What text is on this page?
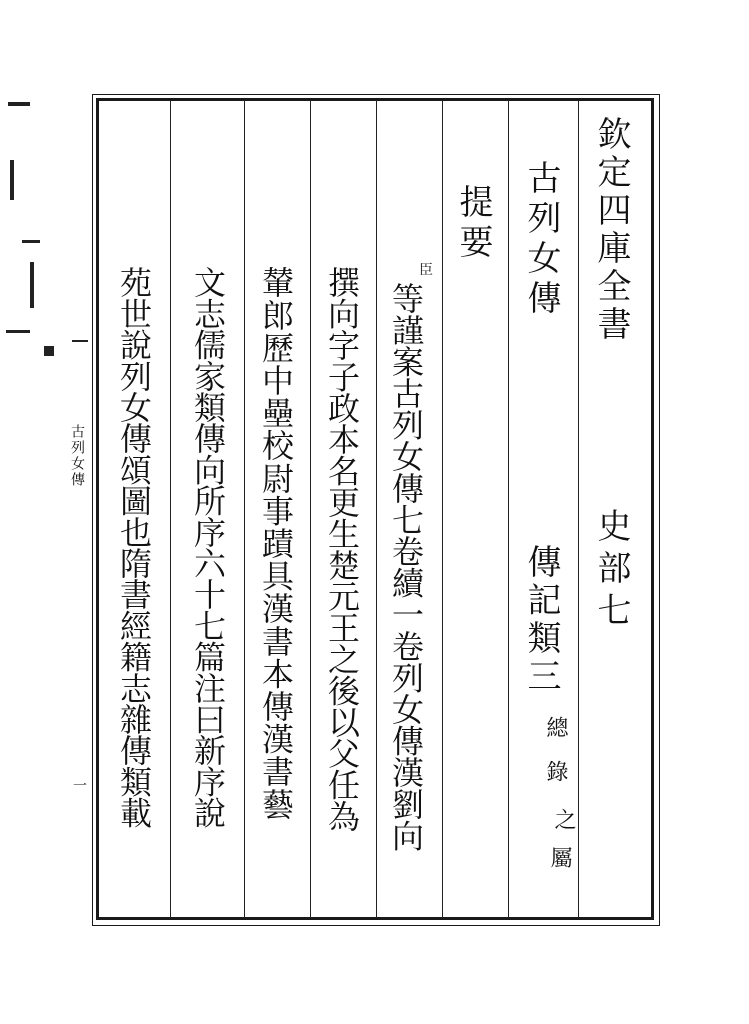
古列女傳
一
欽定四庫全書
史部七
古列女傳
傳記類三
總
錄
之
屬
提要
臣
等謹案古列女傳七卷續一卷列女傳漢劉向
撰向字子政本名更生楚元王之後以父任為
輦郎歷中壘校尉事蹟具漢書本傳漢書藝
文志儒家類傳向所序六十七篇注曰新序說
苑世說列女傳頌圖也隋書經籍志雜傳類載
